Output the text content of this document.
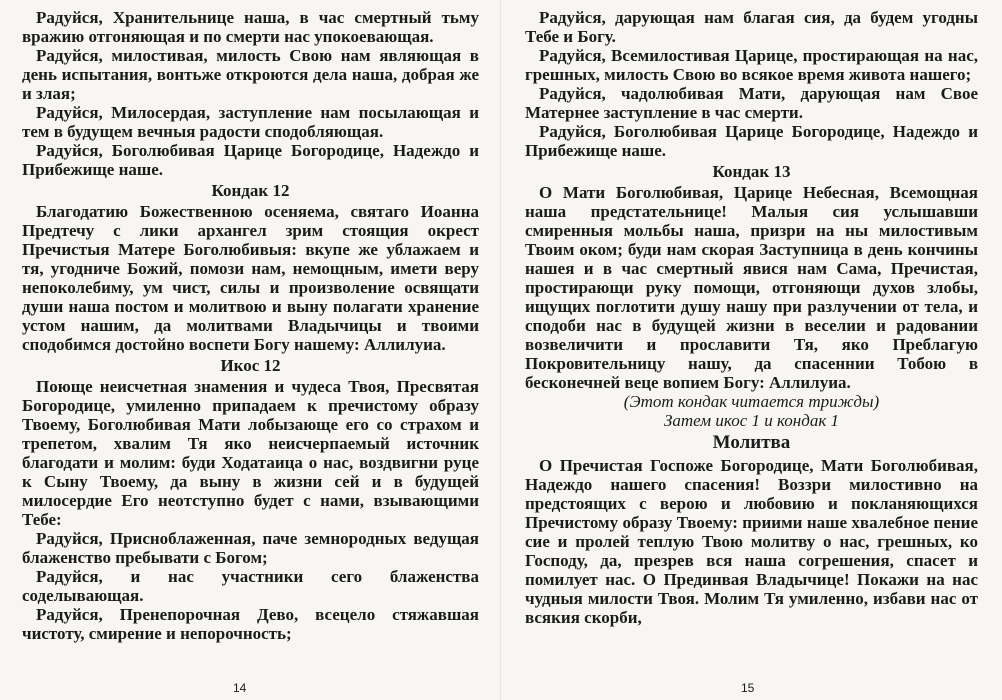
Радуйся, Хранительнице наша, в час смертный тьму вражию отгоняющая и по смерти нас упокоевающая.

Радуйся, милостивая, милость Свою нам являющая в день испытания, вонтьже откроются дела наша, добрая же и злая;

Радуйся, Милосердая, заступление нам посылающая и тем в будущем вечныя радости сподобляющая.

Радуйся, Боголюбивая Царице Богородице, Надеждо и Прибежище наше.

Кондак 12

Благодатию Божественною осеняема, святаго Иоанна Предтечу с лики архангел зрим стоящия окрест Пречистыя Матере Боголюбивыя: вкупе же ублажаем и тя, угодниче Божий, помози нам, немощным, имети веру непоколебиму, ум чист, силы и произволение освящати души наша постом и молитвою и выну полагати хранение устом нашим, да молитвами Владычицы и твоими сподобимся достойно воспети Богу нашему: Аллилуиа.

Икос 12

Поюще неисчетная знамения и чудеса Твоя, Пресвятая Богородице, умиленно припадаем к пречистому образу Твоему, Боголюбивая Мати лобызающе его со страхом и трепетом, хвалим Тя яко неисчерпаемый источник благодати и молим: буди Ходатаица о нас, воздвигни руце к Сыну Твоему, да выну в жизни сей и в будущей милосердие Его неотступно будет с нами, взывающими Тебе:

Радуйся, Присноблаженная, паче земнородных ведущая блаженство пребывати с Богом;

Радуйся, и нас участники сего блаженства соделывающая.

Радуйся, Пренепорочная Дево, всецело стяжавшая чистоту, смирение и непорочность;

14

Радуйся, дарующая нам благая сия, да будем угодны Тебе и Богу.

Радуйся, Всемилостивая Царице, простирающая на нас, грешных, милость Свою во всякое время живота нашего;

Радуйся, чадолюбивая Мати, дарующая нам Свое Матернее заступление в час смерти.

Радуйся, Боголюбивая Царице Богородице, Надеждо и Прибежище наше.

Кондак 13

О Мати Боголюбивая, Царице Небесная, Всемощная наша предстательнице! Малыя сия услышавши смиренныя мольбы наша, призри на ны милостивым Твоим оком; буди нам скорая Заступница в день кончины нашея и в час смертный явися нам Сама, Пречистая, простирающи руку помощи, отгоняющи духов злобы, ищущих поглотити душу нашу при разлучении от тела, и сподоби нас в будущей жизни в веселии и радовании возвеличити и прославити Тя, яко Преблагую Покровительницу нашу, да спасеннии Тобою в бесконечней веце вопием Богу: Аллилуиа.

(Этот кондак читается трижды)

Затем икос 1 и кондак 1

Молитва

О Пречистая Госпоже Богородице, Мати Боголюбивая, Надеждо нашего спасения! Воззри милостивно на предстоящих с верою и любовию и покланяющихся Пречистому образу Твоему: приими наше хвалебное пение сие и пролей теплую Твою молитву о нас, грешных, ко Господу, да, презрев вся наша согрешения, спасет и помилует нас. О Прединвая Владычице! Покажи на нас чудныя милости Твоя. Молим Тя умиленно, избави нас от всякия скорби,

15
